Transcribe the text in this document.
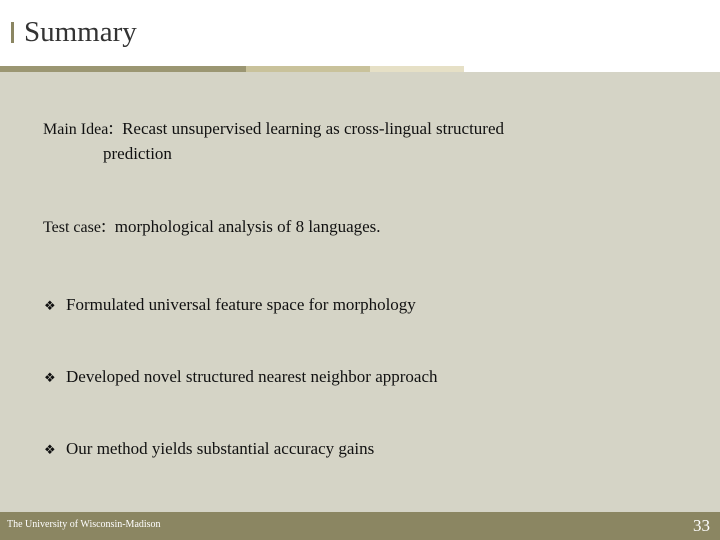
Summary
Main Idea: Recast unsupervised learning as cross-lingual structured
prediction
Test case: morphological analysis of 8 languages.
❖ Formulated universal feature space for morphology
❖ Developed novel structured nearest neighbor approach
❖ Our method yields substantial accuracy gains
The University of Wisconsin-Madison	33
